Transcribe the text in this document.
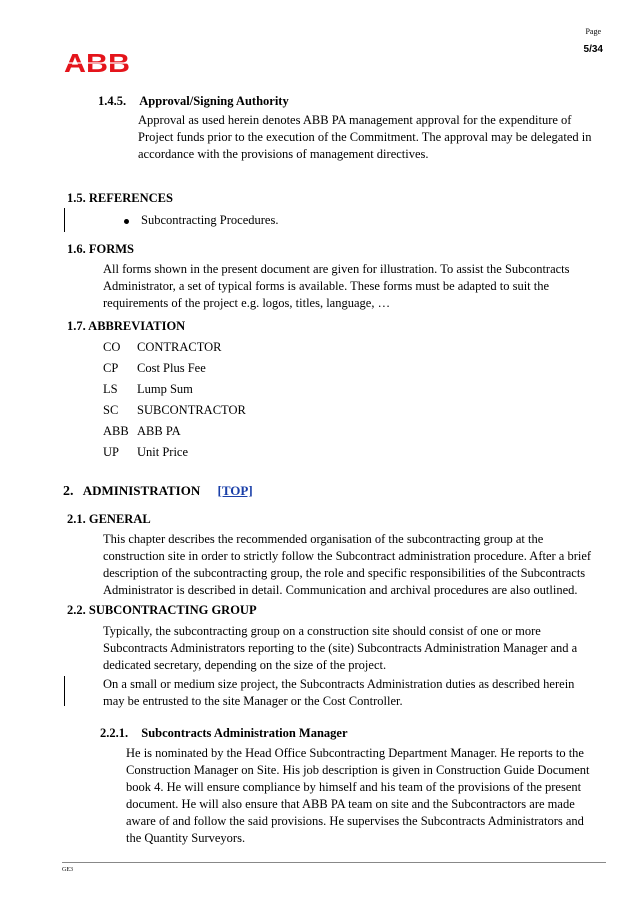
ABB
Page
5/34
1.4.5. Approval/Signing Authority
Approval as used herein denotes ABB PA management approval for the expenditure of
Project funds prior to the execution of the Commitment. The approval may be delegated in
accordance with the provisions of management directives.
1.5. REFERENCES
Subcontracting Procedures.
1.6. FORMS
All forms shown in the present document are given for illustration. To assist the Subcontracts
Administrator, a set of typical forms is available. These forms must be adapted to suit the
requirements of the project e.g. logos, titles, language, …
1.7. ABBREVIATION
CO CONTRACTOR
CP Cost Plus Fee
LS Lump Sum
SC SUBCONTRACTOR
ABB ABB PA
UP Unit Price
2. ADMINISTRATION [TOP]
2.1. GENERAL
This chapter describes the recommended organisation of the subcontracting group at the
construction site in order to strictly follow the Subcontract administration procedure. After a brief
description of the subcontracting group, the role and specific responsibilities of the Subcontracts
Administrator is described in detail. Communication and archival procedures are also outlined.
2.2. SUBCONTRACTING GROUP
Typically, the subcontracting group on a construction site should consist of one or more
Subcontracts Administrators reporting to the (site) Subcontracts Administration Manager and a
dedicated secretary, depending on the size of the project.
On a small or medium size project, the Subcontracts Administration duties as described herein
may be entrusted to the site Manager or the Cost Controller.
2.2.1. Subcontracts Administration Manager
He is nominated by the Head Office Subcontracting Department Manager. He reports to the
Construction Manager on Site. His job description is given in Construction Guide Document
book 4. He will ensure compliance by himself and his team of the provisions of the present
document. He will also ensure that ABB PA team on site and the Subcontractors are made
aware of and follow the said provisions. He supervises the Subcontracts Administrators and
the Quantity Surveyors.
GE3
